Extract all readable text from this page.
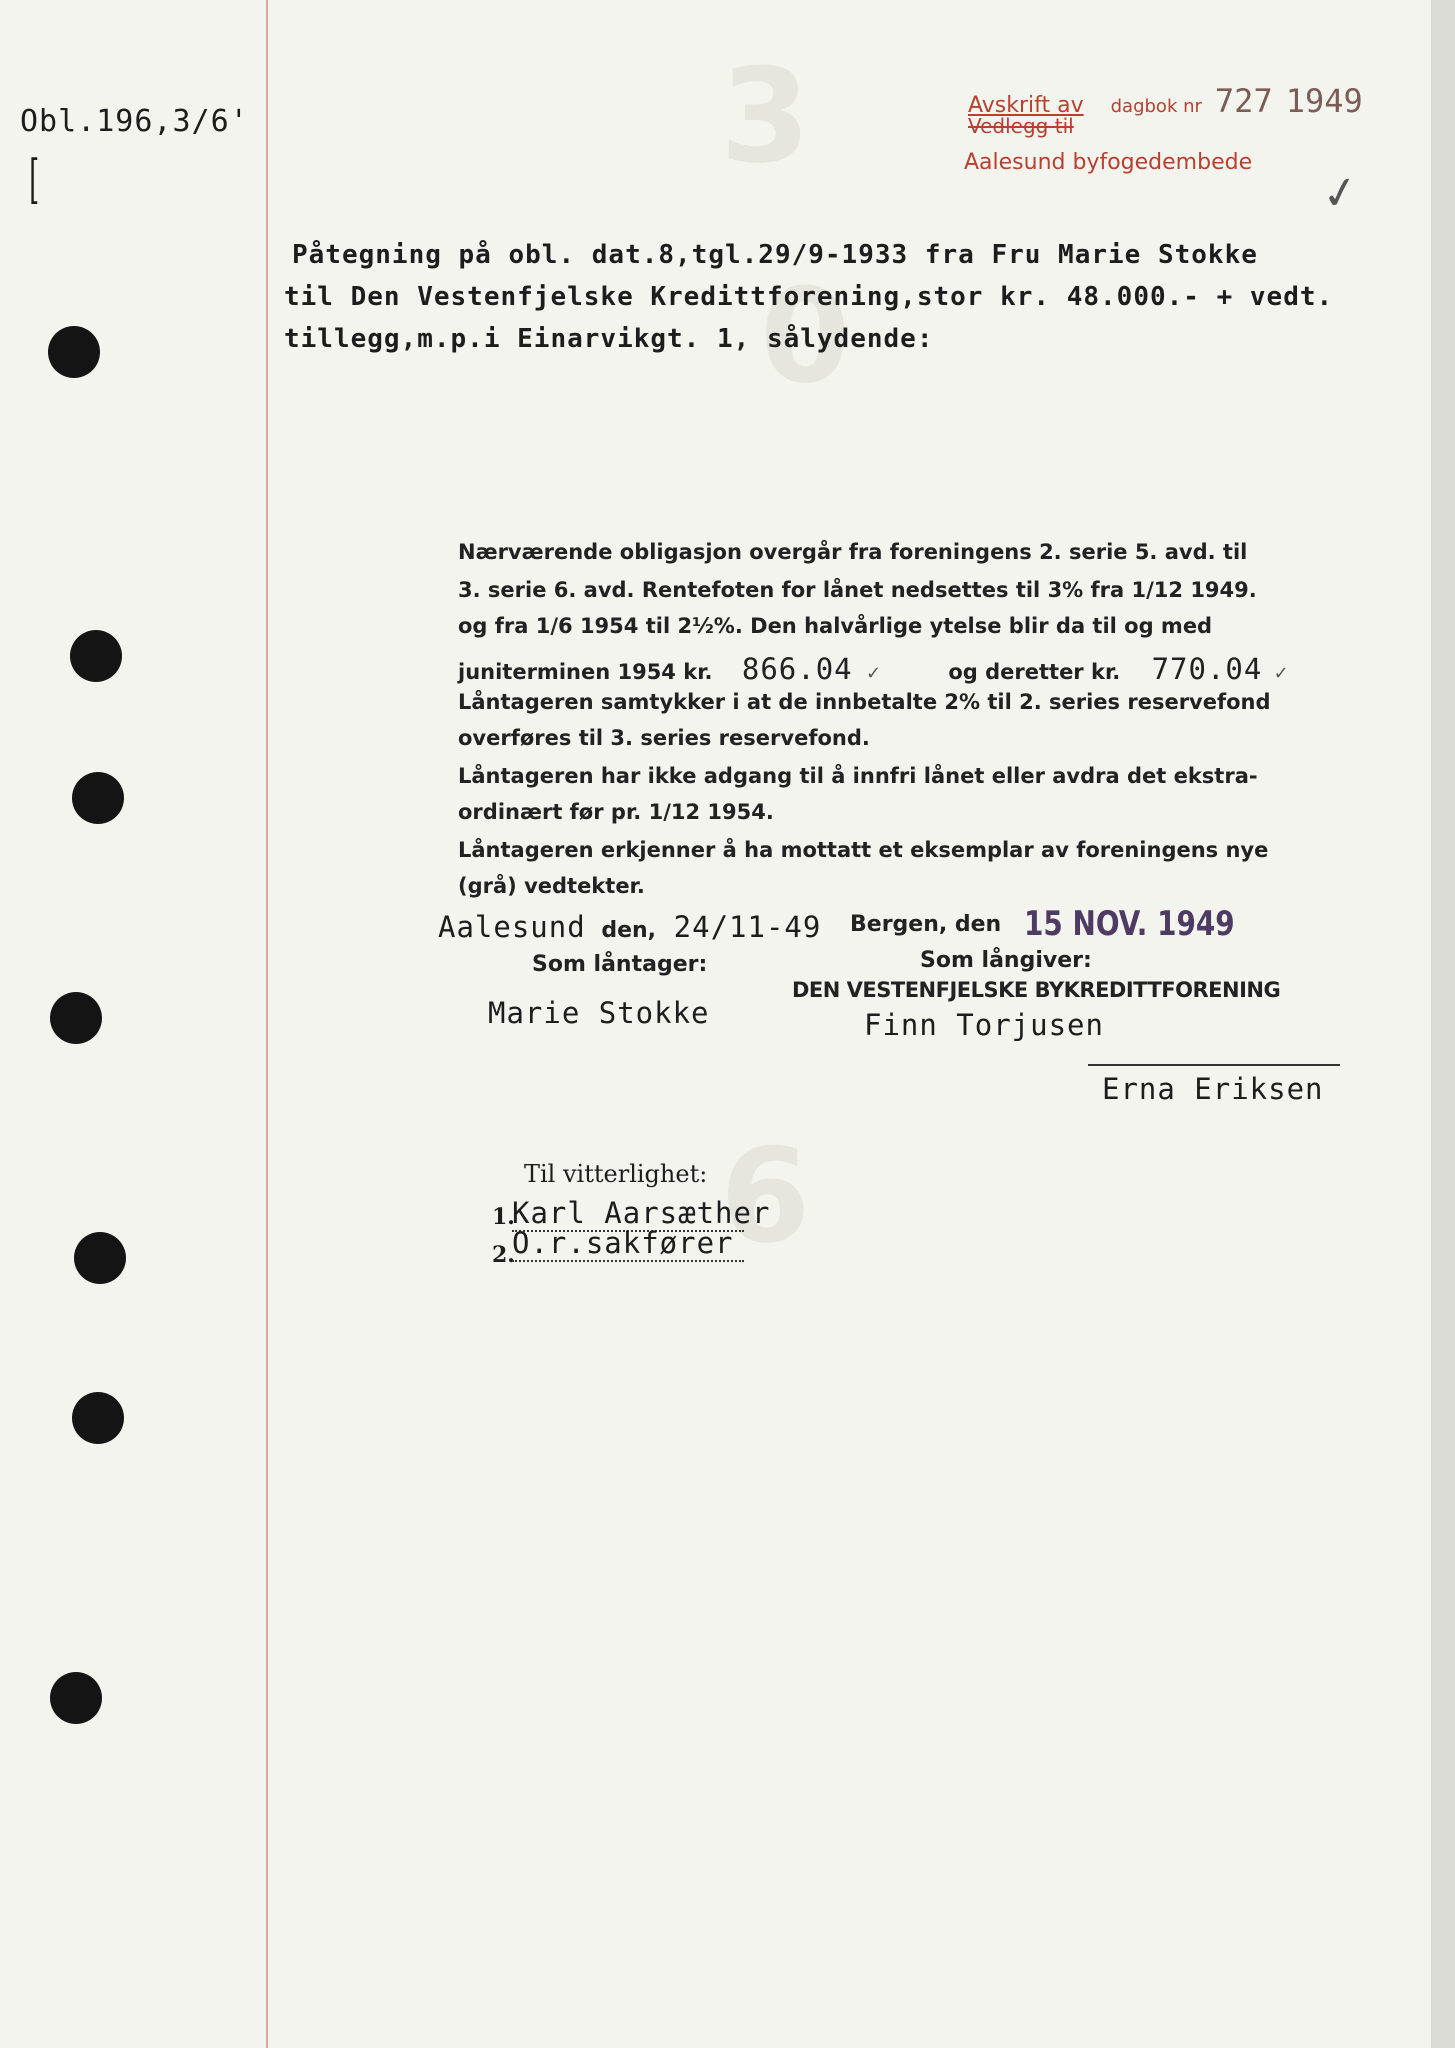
3
0
6
Obl.196,3/6'
[
Avskrift av dagbok nr 727 1949
Vedlegg til
Aalesund byfogedembede
✓
Påtegning på obl. dat.8,tgl.29/9-1933 fra Fru Marie Stokke
til Den Vestenfjelske Kredittforening,stor kr. 48.000.- + vedt.
tillegg,m.p.i Einarvikgt. 1, sålydende:
Nærværende obligasjon overgår fra foreningens 2. serie 5. avd. til
3. serie 6. avd. Rentefoten for lånet nedsettes til 3% fra 1/12 1949.
og fra 1/6 1954 til 2½%. Den halvårlige ytelse blir da til og med
juniterminen 1954 kr. 866.04 ✓	og deretter kr. 770.04 ✓
Låntageren samtykker i at de innbetalte 2% til 2. series reservefond
overføres til 3. series reservefond.
Låntageren har ikke adgang til å innfri lånet eller avdra det ekstra-
ordinært før pr. 1/12 1954.
Låntageren erkjenner å ha mottatt et eksemplar av foreningens nye
(grå) vedtekter.
Aalesund den, 24/11-49 Bergen, den 15 NOV. 1949
Som låntager:	Som långiver:
DEN VESTENFJELSKE BYKREDITTFORENING
Marie Stokke	Finn Torjusen
Erna Eriksen
Til vitterlighet:
1.
Karl Aarsæther
2.
O.r.sakfører
